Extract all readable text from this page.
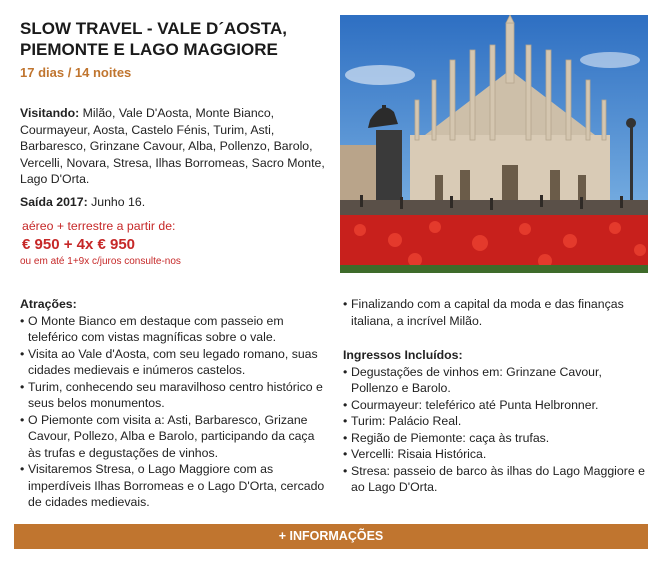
SLOW TRAVEL - VALE D´AOSTA, PIEMONTE E LAGO MAGGIORE
17 dias / 14 noites
Visitando: Milão, Vale D'Aosta, Monte Bianco, Courmayeur, Aosta, Castelo Fénis, Turim, Asti, Barbaresco, Grinzane Cavour, Alba, Pollenzo, Barolo, Vercelli, Novara, Stresa, Ilhas Borromeas, Sacro Monte, Lago D'Orta.
Saída 2017: Junho 16.
aéreo + terrestre a partir de:
€ 950 + 4x € 950
ou em até 1+9x c/juros consulte-nos
Atrações:
• O Monte Bianco em destaque com passeio em teleférico com vistas magníficas sobre o vale.
• Visita ao Vale d'Aosta, com seu legado romano, suas cidades medievais e inúmeros castelos.
• Turim, conhecendo seu maravilhoso centro histórico e seus belos monumentos.
• O Piemonte com visita a: Asti, Barbaresco, Grizane Cavour, Pollezo, Alba e Barolo, participando da caça às trufas e degustações de vinhos.
• Visitaremos Stresa, o Lago Maggiore com as imperdíveis Ilhas Borromeas e o Lago D'Orta, cercado de cidades medievais.
• Finalizando com a capital da moda e das finanças italiana, a incrível Milão.
Ingressos Incluídos:
• Degustações de vinhos em: Grinzane Cavour, Pollenzo e Barolo.
• Courmayeur: teleférico até Punta Helbronner.
• Turim: Palácio Real.
• Região de Piemonte: caça às trufas.
• Vercelli: Risaia Histórica.
• Stresa: passeio de barco às ilhas do Lago Maggiore e ao Lago D'Orta.
+ INFORMAÇÕES
